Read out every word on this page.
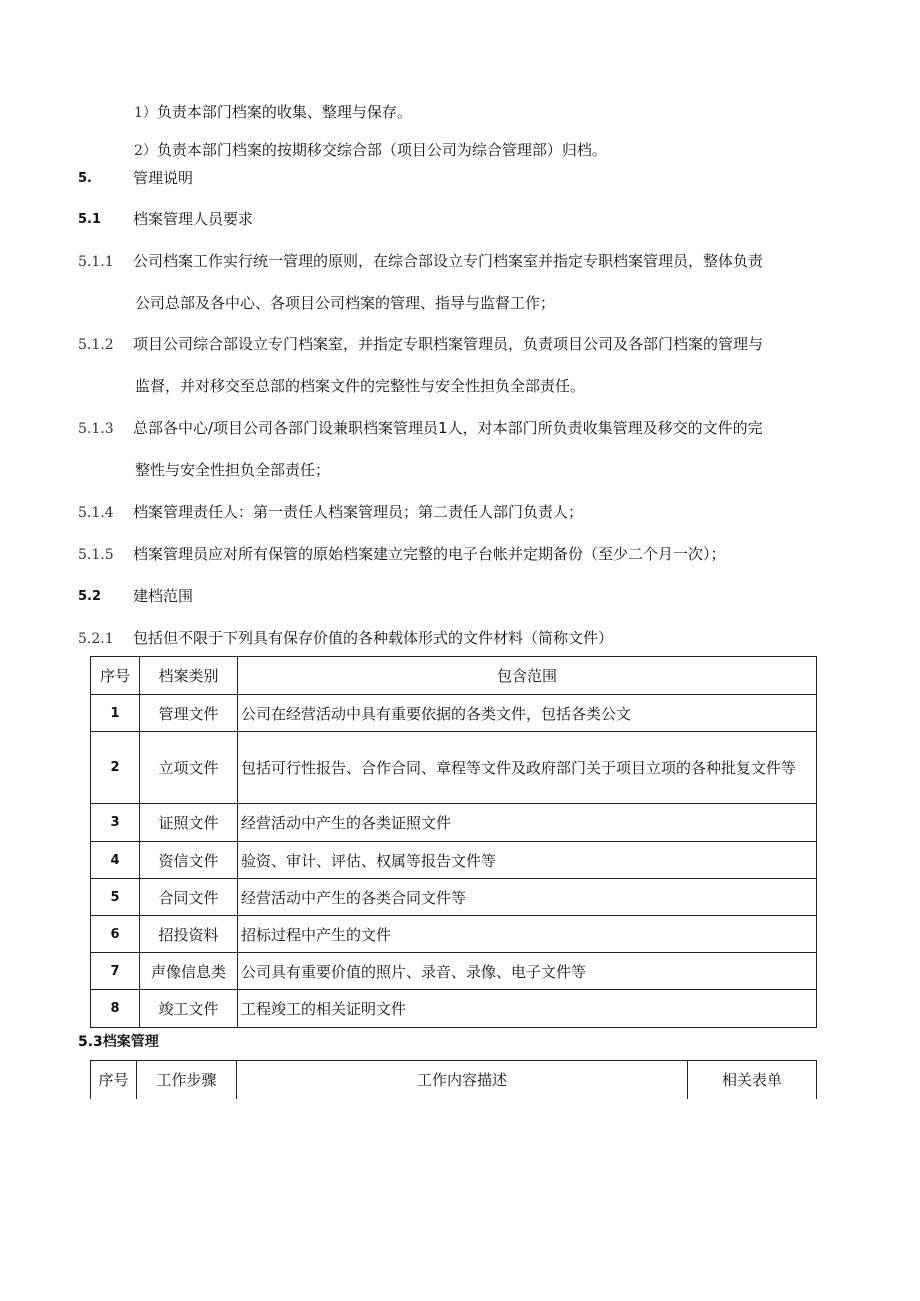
1）负责本部门档案的收集、整理与保存。
2）负责本部门档案的按期移交综合部（项目公司为综合管理部）归档。
5.	管理说明
5.1 档案管理人员要求
5.1.1 公司档案工作实行统一管理的原则，在综合部设立专门档案室并指定专职档案管理员，整体负责
公司总部及各中心、各项目公司档案的管理、指导与监督工作；
5.1.2 项目公司综合部设立专门档案室，并指定专职档案管理员，负责项目公司及各部门档案的管理与
监督，并对移交至总部的档案文件的完整性与安全性担负全部责任。
5.1.3 总部各中心/项目公司各部门设兼职档案管理员1人，对本部门所负责收集管理及移交的文件的完
整性与安全性担负全部责任；
5.1.4 档案管理责任人：第一责任人档案管理员；第二责任人部门负责人；
5.1.5 档案管理员应对所有保管的原始档案建立完整的电子台帐并定期备份（至少二个月一次）；
5.2 建档范围
5.2.1 包括但不限于下列具有保存价值的各种载体形式的文件材料（简称文件）
序号	档案类别	包含范围
1	管理文件	公司在经营活动中具有重要依据的各类文件，包括各类公文
2	立项文件	包括可行性报告、合作合同、章程等文件及政府部门关于项目立项的各种批复文件等
3	证照文件	经营活动中产生的各类证照文件
4	资信文件	验资、审计、评估、权属等报告文件等
5	合同文件	经营活动中产生的各类合同文件等
6	招投资料	招标过程中产生的文件
7	声像信息类	公司具有重要价值的照片、录音、录像、电子文件等
8	竣工文件	工程竣工的相关证明文件
5.3档案管理
序号	工作步骤	工作内容描述	相关表单
